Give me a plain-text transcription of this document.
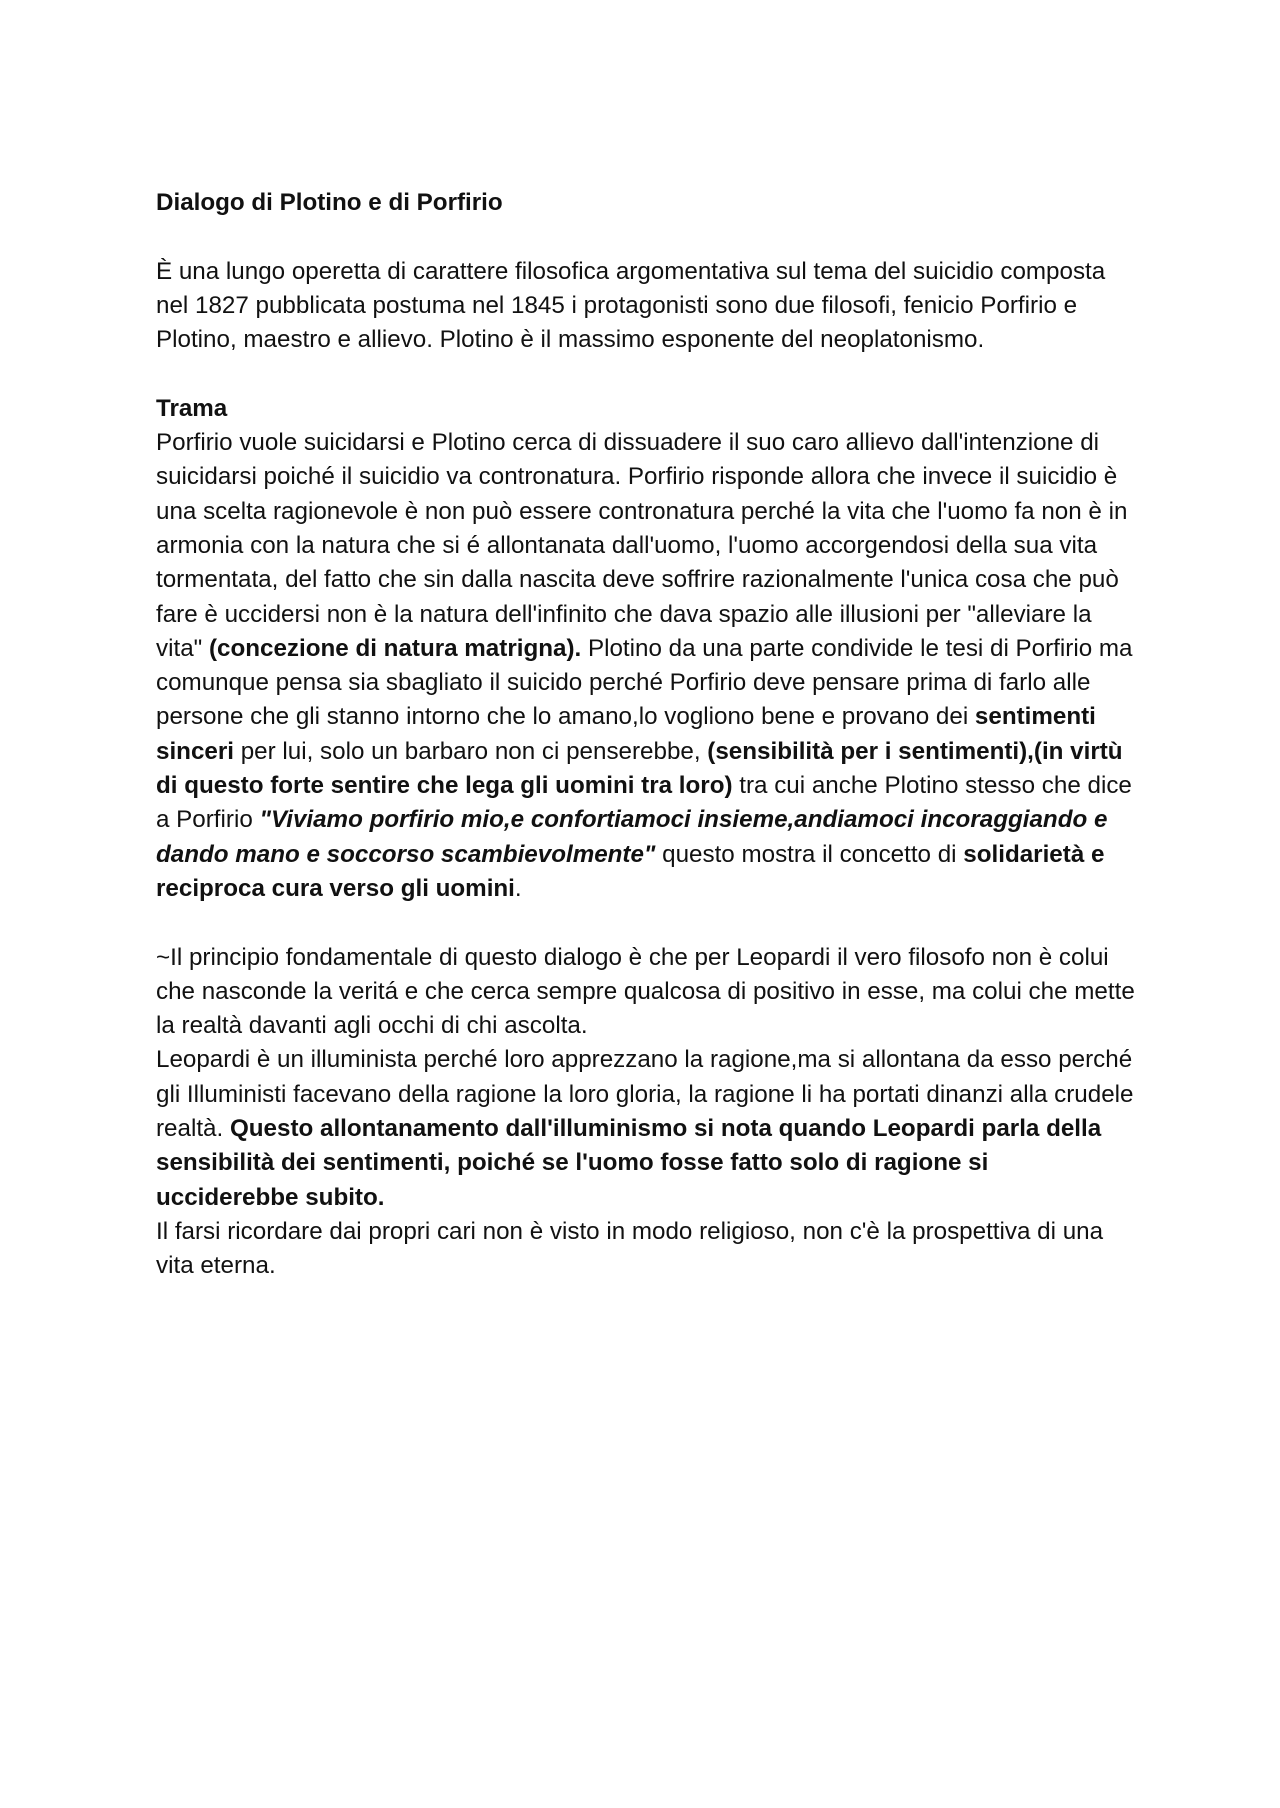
Dialogo di Plotino e di Porfirio

È una lungo operetta di carattere filosofica argomentativa sul tema del suicidio composta nel 1827 pubblicata postuma nel 1845 i protagonisti sono due filosofi, fenicio Porfirio e Plotino, maestro e allievo. Plotino è il massimo esponente del neoplatonismo.

Trama

Porfirio vuole suicidarsi e Plotino cerca di dissuadere il suo caro allievo dall'intenzione di suicidarsi poiché il suicidio va contronatura. Porfirio risponde allora che invece il suicidio è una scelta ragionevole è non può essere contronatura perché la vita che l'uomo fa non è in armonia con la natura che si é allontanata dall'uomo, l'uomo accorgendosi della sua vita tormentata, del fatto che sin dalla nascita deve soffrire razionalmente l'unica cosa che può fare è uccidersi non è la natura dell'infinito che dava spazio alle illusioni per "alleviare la vita" (concezione di natura matrigna). Plotino da una parte condivide le tesi di Porfirio ma comunque pensa sia sbagliato il suicido perché Porfirio deve pensare prima di farlo alle persone che gli stanno intorno che lo amano,lo vogliono bene e provano dei sentimenti sinceri per lui, solo un barbaro non ci penserebbe, (sensibilità per i sentimenti),(in virtù di questo forte sentire che lega gli uomini tra loro) tra cui anche Plotino stesso che dice a Porfirio "Viviamo porfirio mio,e confortiamoci insieme,andiamoci incoraggiando e dando mano e soccorso scambievolmente" questo mostra il concetto di solidarietà e reciproca cura verso gli uomini.

~Il principio fondamentale di questo dialogo è che per Leopardi il vero filosofo non è colui che nasconde la veritá e che cerca sempre qualcosa di positivo in esse, ma colui che mette la realtà davanti agli occhi di chi ascolta.

Leopardi è un illuminista perché loro apprezzano la ragione,ma si allontana da esso perché gli Illuministi facevano della ragione la loro gloria, la ragione li ha portati dinanzi alla crudele realtà. Questo allontanamento dall'illuminismo si nota quando Leopardi parla della sensibilità dei sentimenti, poiché se l'uomo fosse fatto solo di ragione si ucciderebbe subito.

Il farsi ricordare dai propri cari non è visto in modo religioso, non c'è la prospettiva di una vita eterna.
